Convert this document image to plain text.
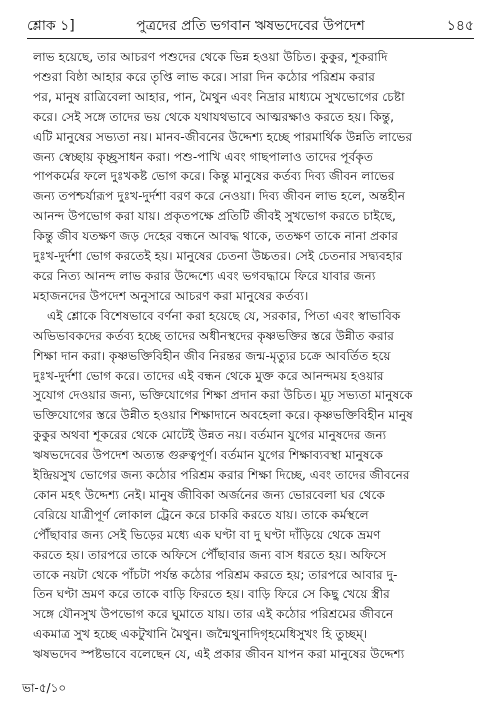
শ্লোক ১]	পুত্রদের প্রতি ভগবান ঋষভদেবের উপদেশ	১৪৫
লাভ হয়েছে, তার আচরণ পশুদের থেকে ভিন্ন হওয়া উচিত। কুকুর, শূকরাদি
পশুরা বিষ্ঠা আহার করে তৃপ্তি লাভ করে। সারা দিন কঠোর পরিশ্রম করার
পর, মানুষ রাত্রিবেলা আহার, পান, মৈথুন এবং নিদ্রার মাধ্যমে সুখভোগের চেষ্টা
করে। সেই সঙ্গে তাদের ভয় থেকে যথাযথভাবে আত্মরক্ষাও করতে হয়। কিন্তু,
এটি মানুষের সভ্যতা নয়। মানব-জীবনের উদ্দেশ্য হচ্ছে পারমার্থিক উন্নতি লাভের
জন্য স্বেচ্ছায় কৃচ্ছ্রসাধন করা। পশু-পাখি এবং গাছপালাও তাদের পূর্বকৃত
পাপকর্মের ফলে দুঃখকষ্ট ভোগ করে। কিন্তু মানুষের কর্তব্য দিব্য জীবন লাভের
জন্য তপশ্চর্যারূপ দুঃখ-দুর্দশা বরণ করে নেওয়া। দিব্য জীবন লাভ হলে, অন্তহীন
আনন্দ উপভোগ করা যায়। প্রকৃতপক্ষে প্রতিটি জীবই সুখভোগ করতে চাইছে,
কিন্তু জীব যতক্ষণ জড় দেহের বন্ধনে আবদ্ধ থাকে, ততক্ষণ তাকে নানা প্রকার
দুঃখ-দুর্দশা ভোগ করতেই হয়। মানুষের চেতনা উচ্চতর। সেই চেতনার সদ্ব্যবহার
করে নিত্য আনন্দ লাভ করার উদ্দেশ্যে এবং ভগবদ্ধামে ফিরে যাবার জন্য
মহাজনদের উপদেশ অনুসারে আচরণ করা মানুষের কর্তব্য।
এই শ্লোকে বিশেষভাবে বর্ণনা করা হয়েছে যে, সরকার, পিতা এবং স্বাভাবিক
অভিভাবকদের কর্তব্য হচ্ছে তাদের অধীনস্থদের কৃষ্ণভক্তির স্তরে উন্নীত করার
শিক্ষা দান করা। কৃষ্ণভক্তিবিহীন জীব নিরন্তর জন্ম-মৃত্যুর চক্রে আবর্তিত হয়ে
দুঃখ-দুর্দশা ভোগ করে। তাদের এই বন্ধন থেকে মুক্ত করে আনন্দময় হওয়ার
সুযোগ দেওয়ার জন্য, ভক্তিযোগের শিক্ষা প্রদান করা উচিত। মূঢ় সভ্যতা মানুষকে
ভক্তিযোগের স্তরে উন্নীত হওয়ার শিক্ষাদানে অবহেলা করে। কৃষ্ণভক্তিবিহীন মানুষ
কুকুর অথবা শূকরের থেকে মোটেই উন্নত নয়। বর্তমান যুগের মানুষদের জন্য
ঋষভদেবের উপদেশ অত্যন্ত গুরুত্বপূর্ণ। বর্তমান যুগের শিক্ষাব্যবস্থা মানুষকে
ইন্দ্রিয়সুখ ভোগের জন্য কঠোর পরিশ্রম করার শিক্ষা দিচ্ছে, এবং তাদের জীবনের
কোন মহৎ উদ্দেশ্য নেই। মানুষ জীবিকা অর্জনের জন্য ভোরবেলা ঘর থেকে
বেরিয়ে যাত্রীপূর্ণ লোকাল ট্রেনে করে চাকরি করতে যায়। তাকে কর্মস্থলে
পৌঁছাবার জন্য সেই ভিড়ের মধ্যে এক ঘণ্টা বা দু ঘণ্টা দাঁড়িয়ে থেকে ভ্রমণ
করতে হয়। তারপরে তাকে অফিসে পৌঁছাবার জন্য বাস ধরতে হয়। অফিসে
তাকে নয়টা থেকে পাঁচটা পর্যন্ত কঠোর পরিশ্রম করতে হয়; তারপরে আবার দু-
তিন ঘণ্টা ভ্রমণ করে তাকে বাড়ি ফিরতে হয়। বাড়ি ফিরে সে কিছু খেয়ে স্ত্রীর
সঙ্গে যৌনসুখ উপভোগ করে ঘুমাতে যায়। তার এই কঠোর পরিশ্রমের জীবনে
একমাত্র সুখ হচ্ছে একটুখানি মৈথুন। জন্মৈথুনাদিগৃহমেধিসুখং হি তুচ্ছম্।
ঋষভদেব স্পষ্টভাবে বলেছেন যে, এই প্রকার জীবন যাপন করা মানুষের উদ্দেশ্য
ভা-৫/১০
